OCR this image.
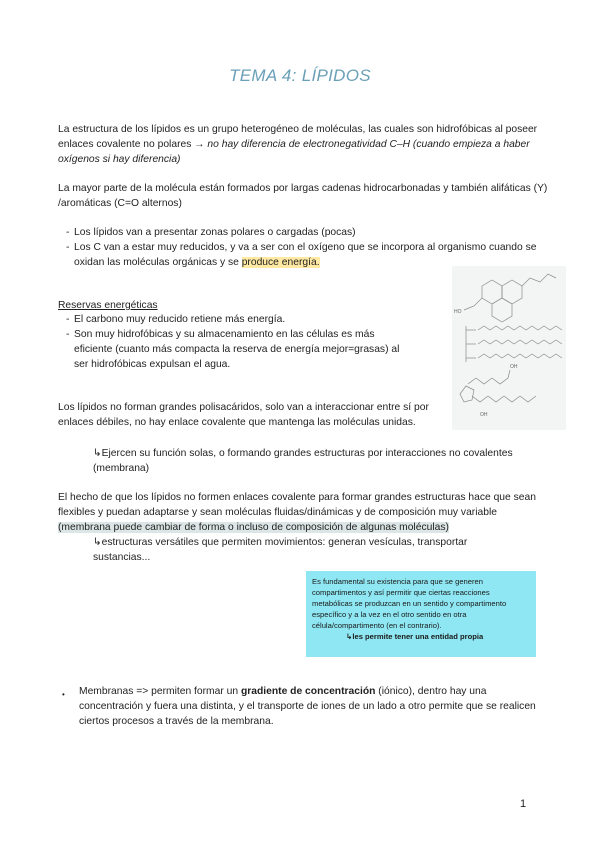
TEMA 4: LÍPIDOS
La estructura de los lípidos es un grupo heterogéneo de moléculas, las cuales son hidrofóbicas al poseer enlaces covalente no polares → no hay diferencia de electronegatividad C–H (cuando empieza a haber oxígenos si hay diferencia)
La mayor parte de la molécula están formados por largas cadenas hidrocarbonadas y también alifáticas (Y) /aromáticas (C=O alternos)
- Los lípidos van a presentar zonas polares o cargadas (pocas)
- Los C van a estar muy reducidos, y va a ser con el oxígeno que se incorpora al organismo cuando se oxidan las moléculas orgánicas y se produce energía.
HO
OH
OH
Reservas energéticas
- El carbono muy reducido retiene más energía.
- Son muy hidrofóbicas y su almacenamiento en las células es más eficiente (cuanto más compacta la reserva de energía mejor=grasas) al ser hidrofóbicas expulsan el agua.
Los lípidos no forman grandes polisacáridos, solo van a interaccionar entre sí por enlaces débiles, no hay enlace covalente que mantenga las moléculas unidas.
↳Ejercen su función solas, o formando grandes estructuras por interacciones no covalentes (membrana)
El hecho de que los lípidos no formen enlaces covalente para formar grandes estructuras hace que sean flexibles y puedan adaptarse y sean moléculas fluidas/dinámicas y de composición muy variable (membrana puede cambiar de forma o incluso de composición de algunas moléculas)
↳estructuras versátiles que permiten movimientos: generan vesículas, transportar sustancias...
Es fundamental su existencia para que se generen compartimentos y así permitir que ciertas reacciones metabólicas se produzcan en un sentido y compartimento específico y a la vez en el otro sentido en otra célula/compartimento (en el contrario).
↳les permite tener una entidad propia
• Membranas => permiten formar un gradiente de concentración (iónico), dentro hay una concentración y fuera una distinta, y el transporte de iones de un lado a otro permite que se realicen ciertos procesos a través de la membrana.
1
